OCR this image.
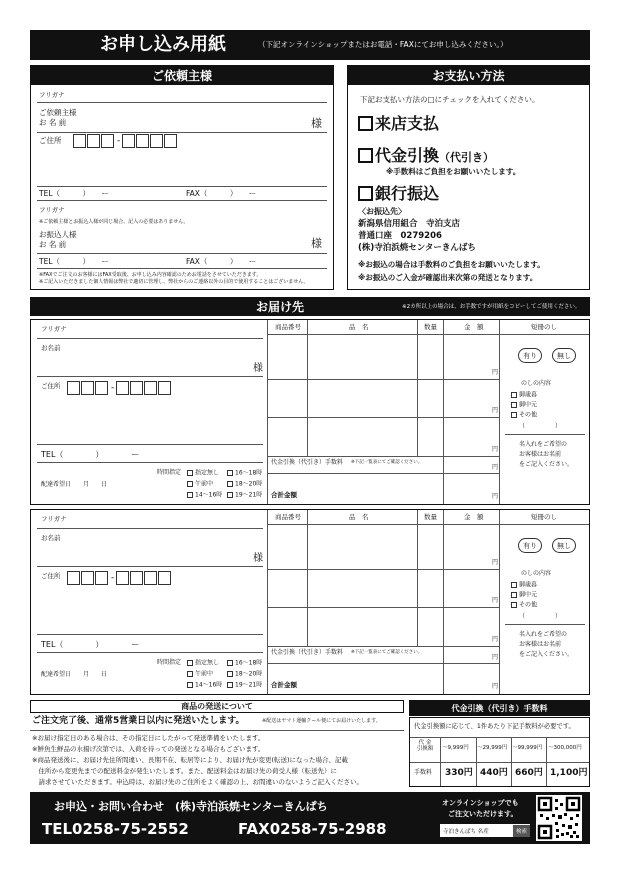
お申し込み用紙	（下記オンラインショップまたはお電話・FAXにてお申し込みください。）
ご依頼主様
フリガナ
ご依頼主様
お 名 前	様
ご住所	-
TEL（　　　）　　ー	FAX（　　　）　　ー
フリガナ
※ご依頼主様とお振込人様が同じ場合、記入の必要はありません。
お振込人様
お 名 前	様
TEL（　　　）　　ー	FAX（　　　）　　ー
※FAXでご注文のお客様にはFAX受取後、お申し込み内容確認のためお電話をさせていただきます。
※ご記入いただきました個人情報は弊社で適切に管理し、弊社からのご連絡以外の目的で使用することはございません。
お支払い方法
下記お支払い方法の□にチェックを入れてください。
来店支払
代金引換（代引き）
※手数料はご負担をお願いいたします。
銀行振込
〈お振込先〉
新潟県信用組合　寺泊支店
普通口座　0279206
(株)寺泊浜焼センターきんばち
※お振込の場合は手数料のご負担をお願いいたします。
※お振込のご入金が確認出来次第の発送となります。
お届け先	※2カ所以上の場合は、お手数ですが用紙をコピーしてご使用ください。
フリガナ
お名前
様
ご住所	-
TEL（　　　　）　　　　ー
時間指定
配達希望日　　月　　日
指定無し
午前中
14〜16時
16〜18時
18〜20時
19〜21時
商品番号	品　名	数量	金　額
円
円
円
代金引換（代引き）手数料 ※下記一覧表にてご確認ください。
円
合計金額	円
短冊のし
有り	無し
のしの内容
御歳暮
御中元
その他
（　　　　　）
名入れをご希望の
お客様はお名前
をご記入ください。
フリガナ
お名前
様
ご住所	-
TEL（　　　　）　　　　ー
時間指定
配達希望日　　月　　日
指定無し
午前中
14〜16時
16〜18時
18〜20時
19〜21時
商品番号	品　名	数量	金　額
円
円
円
代金引換（代引き）手数料 ※下記一覧表にてご確認ください。
円
合計金額	円
短冊のし
有り	無し
のしの内容
御歳暮
御中元
その他
（　　　　　）
名入れをご希望の
お客様はお名前
をご記入ください。
商品の発送について
ご注文完了後、通常5営業日以内に発送いたします。	※配送はヤマト運輸クール便にてお届けいたします。
※お届け指定日のある場合は、その指定日にしたがって発送準備をいたします。
※鮮魚生鮮品の水揚げ次第では、入荷を待っての発送となる場合もございます。
※商品発送後に、お届け先住所間違い、長期不在、転居等により、お届け先が変更(転送)になった場合、記載
　住所から変更先までの配送料金が発生いたします。また、配送料金はお届け先の荷受人様（転送先）に
　請求させていただきます。申込時は、お届け先のご住所をよく確認の上、お間違いのないようご記入ください。
代金引換（代引き）手数料
代金引換額に応じて、1件あたり下記手数料が必要です。
代 金
引換額	〜9,999円 〜29,999円 〜99,999円 〜300,000円
手数料 330円 440円 660円 1,100円
お申込・お問い合わせ　(株)寺泊浜焼センターきんぱち
TEL0258-75-2552	FAX0258-75-2988
オンラインショップでも
ご注文いただけます。
寺泊きんぱち 名産	検索
